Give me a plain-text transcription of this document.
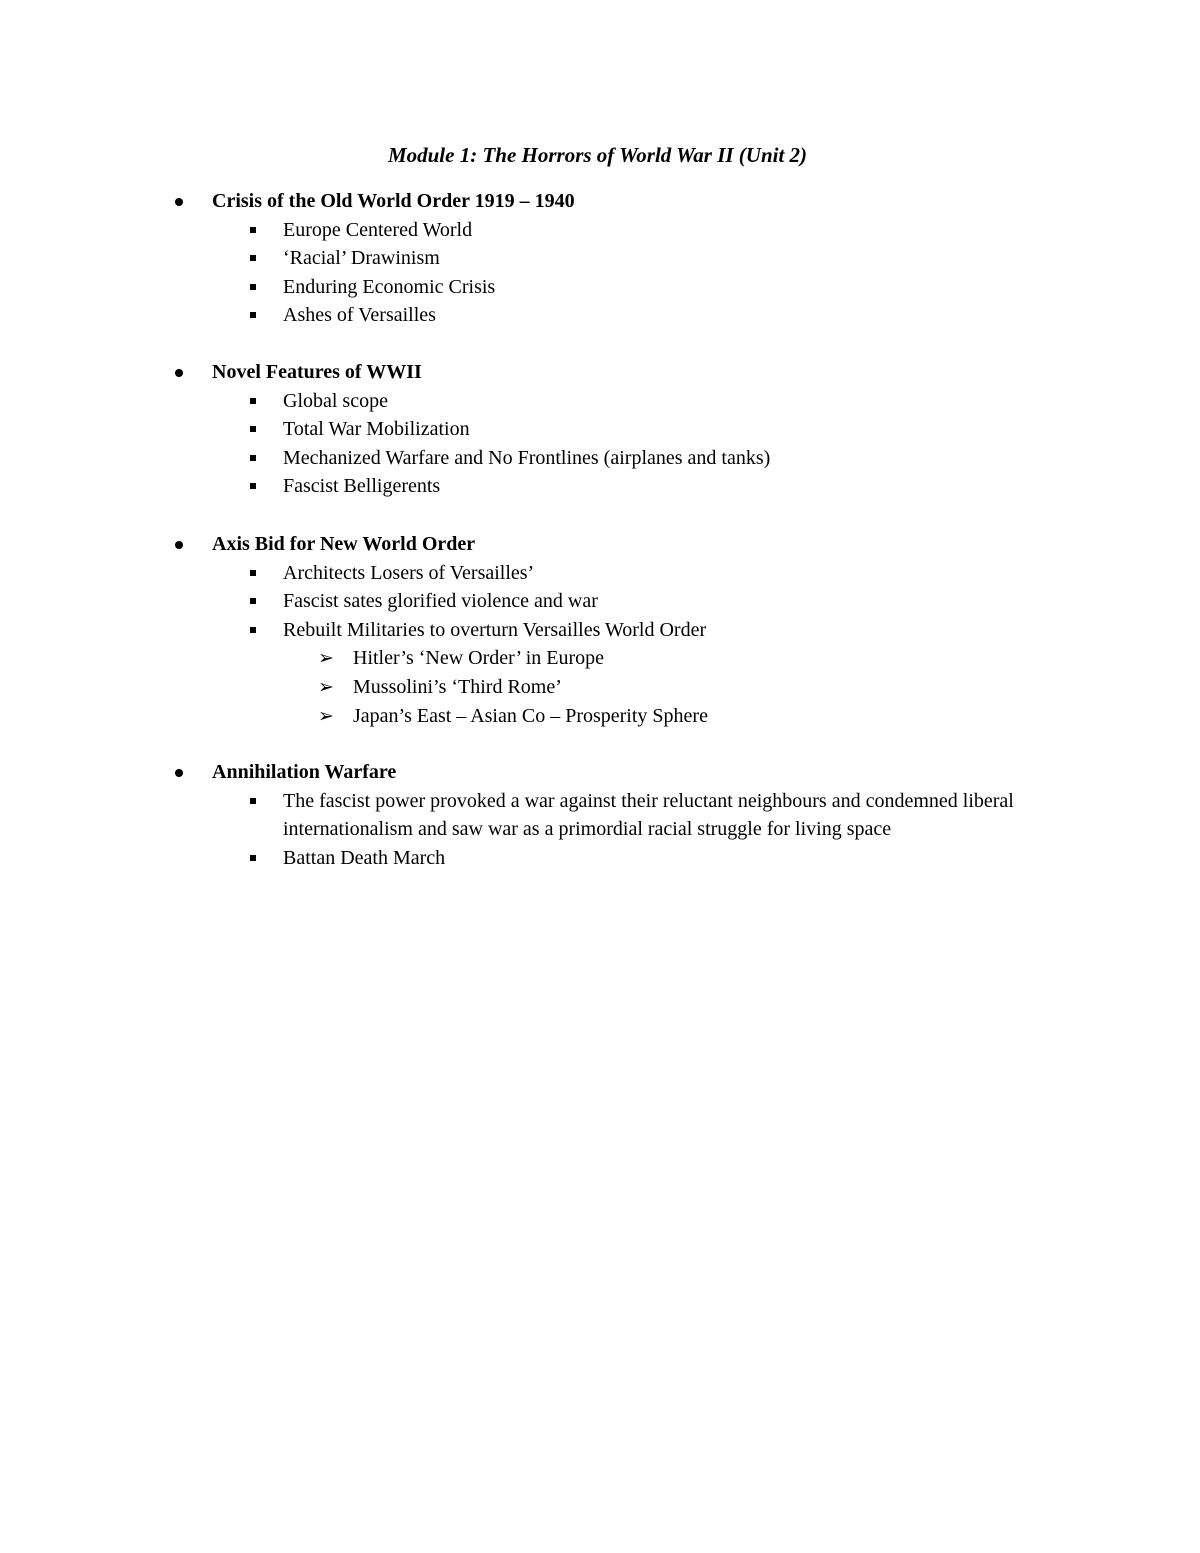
Module 1: The Horrors of World War II (Unit 2)
Crisis of the Old World Order 1919 – 1940
Europe Centered World
‘Racial’ Drawinism
Enduring Economic Crisis
Ashes of Versailles
Novel Features of WWII
Global scope
Total War Mobilization
Mechanized Warfare and No Frontlines (airplanes and tanks)
Fascist Belligerents
Axis Bid for New World Order
Architects Losers of Versailles’
Fascist sates glorified violence and war
Rebuilt Militaries to overturn Versailles World Order
➢ Hitler’s ‘New Order’ in Europe
➢ Mussolini’s ‘Third Rome’
➢ Japan’s East – Asian Co – Prosperity Sphere
Annihilation Warfare
The fascist power provoked a war against their reluctant neighbours and condemned liberal internationalism and saw war as a primordial racial struggle for living space
Battan Death March
